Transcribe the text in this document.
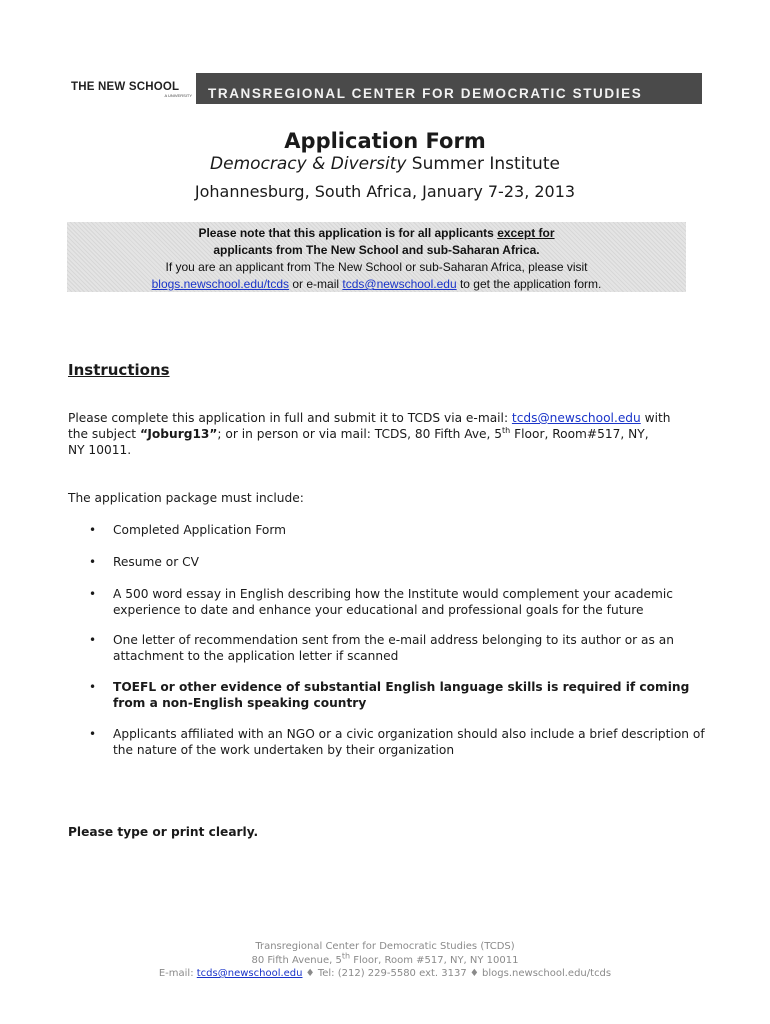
THE NEW SCHOOL
A UNIVERSITY TRANSREGIONAL CENTER FOR DEMOCRATIC STUDIES
Application Form
Democracy & Diversity Summer Institute
Johannesburg, South Africa, January 7-23, 2013
Please note that this application is for all applicants except for
applicants from The New School and sub-Saharan Africa.
If you are an applicant from The New School or sub-Saharan Africa, please visit
blogs.newschool.edu/tcds or e-mail tcds@newschool.edu to get the application form.
Instructions
Please complete this application in full and submit it to TCDS via e-mail: tcds@newschool.edu with
the subject “Joburg13”; or in person or via mail: TCDS, 80 Fifth Ave, 5th Floor, Room#517, NY,
NY 10011.
The application package must include:
• Completed Application Form
• Resume or CV
• A 500 word essay in English describing how the Institute would complement your academic experience to date and enhance your educational and professional goals for the future
• One letter of recommendation sent from the e-mail address belonging to its author or as an attachment to the application letter if scanned
• TOEFL or other evidence of substantial English language skills is required if coming from a non-English speaking country
• Applicants affiliated with an NGO or a civic organization should also include a brief description of the nature of the work undertaken by their organization
Please type or print clearly.
Transregional Center for Democratic Studies (TCDS)
80 Fifth Avenue, 5th Floor, Room #517, NY, NY 10011
E-mail: tcds@newschool.edu ♦ Tel: (212) 229-5580 ext. 3137 ♦ blogs.newschool.edu/tcds
